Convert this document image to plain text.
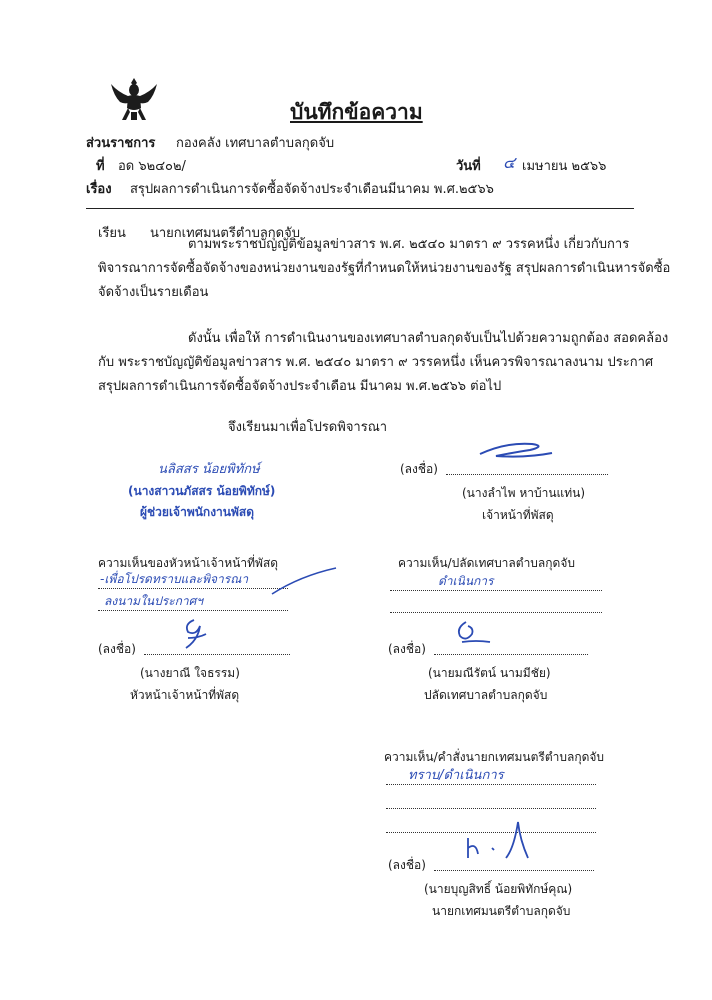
บันทึกข้อความ
ส่วนราชการ กองคลัง เทศบาลตำบลกุดจับ
ที่ อด ๖๒๔๐๒/	วันที่ ๔ เมษายน ๒๕๖๖
เรื่อง สรุปผลการดำเนินการจัดซื้อจัดจ้างประจำเดือนมีนาคม พ.ศ.๒๕๖๖
เรียน นายกเทศมนตรีตำบลกุดจับ
ตามพระราชบัญญัติข้อมูลข่าวสาร พ.ศ. ๒๕๔๐ มาตรา ๙ วรรคหนึ่ง เกี่ยวกับการ
พิจารณาการจัดซื้อจัดจ้างของหน่วยงานของรัฐที่กำหนดให้หน่วยงานของรัฐ สรุปผลการดำเนินหารจัดซื้อ
จัดจ้างเป็นรายเดือน
ดังนั้น เพื่อให้ การดำเนินงานของเทศบาลตำบลกุดจับเป็นไปด้วยความถูกต้อง สอดคล้อง
กับ พระราชบัญญัติข้อมูลข่าวสาร พ.ศ. ๒๕๔๐ มาตรา ๙ วรรคหนึ่ง เห็นควรพิจารณาลงนาม ประกาศ
สรุปผลการดำเนินการจัดซื้อจัดจ้างประจำเดือน มีนาคม พ.ศ.๒๕๖๖ ต่อไป
จึงเรียนมาเพื่อโปรดพิจารณา
นลิสสร น้อยพิทักษ์
(นางสาวนภัสสร น้อยพิทักษ์)
ผู้ช่วยเจ้าพนักงานพัสดุ
(ลงชื่อ)
(นางลำไพ หาบ้านแท่น)
เจ้าหน้าที่พัสดุ
ความเห็นของหัวหน้าเจ้าหน้าที่พัสดุ
-เพื่อโปรดทราบและพิจารณา
ลงนามในประกาศฯ
(ลงชื่อ)
(นางยาณี ใจธรรม)
หัวหน้าเจ้าหน้าที่พัสดุ
ความเห็น/ปลัดเทศบาลตำบลกุดจับ
ดำเนินการ
(ลงชื่อ)
(นายมณีรัตน์ นามมีชัย)
ปลัดเทศบาลตำบลกุดจับ
ความเห็น/คำสั่งนายกเทศมนตรีตำบลกุดจับ
ทราบ/ดำเนินการ
(ลงชื่อ)
(นายบุญสิทธิ์ น้อยพิทักษ์คุณ)
นายกเทศมนตรีตำบลกุดจับ
